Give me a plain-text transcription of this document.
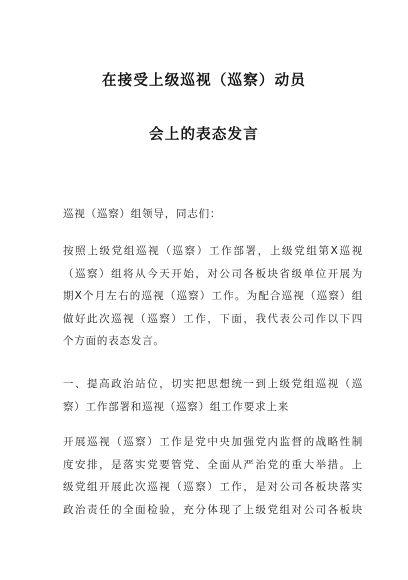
在接受上级巡视（巡察）动员
会上的表态发言
巡视（巡察）组领导，同志们：
按照上级党组巡视（巡察）工作部署，上级党组第X巡视
（巡察）组将从今天开始，对公司各板块省级单位开展为
期X个月左右的巡视（巡察）工作。为配合巡视（巡察）组
做好此次巡视（巡察）工作，下面，我代表公司作以下四
个方面的表态发言。
一、提高政治站位，切实把思想统一到上级党组巡视（巡
察）工作部署和巡视（巡察）组工作要求上来
开展巡视（巡察）工作是党中央加强党内监督的战略性制
度安排，是落实党要管党、全面从严治党的重大举措。上
级党组开展此次巡视（巡察）工作，是对公司各板块落实
政治责任的全面检验，充分体现了上级党组对公司各板块
